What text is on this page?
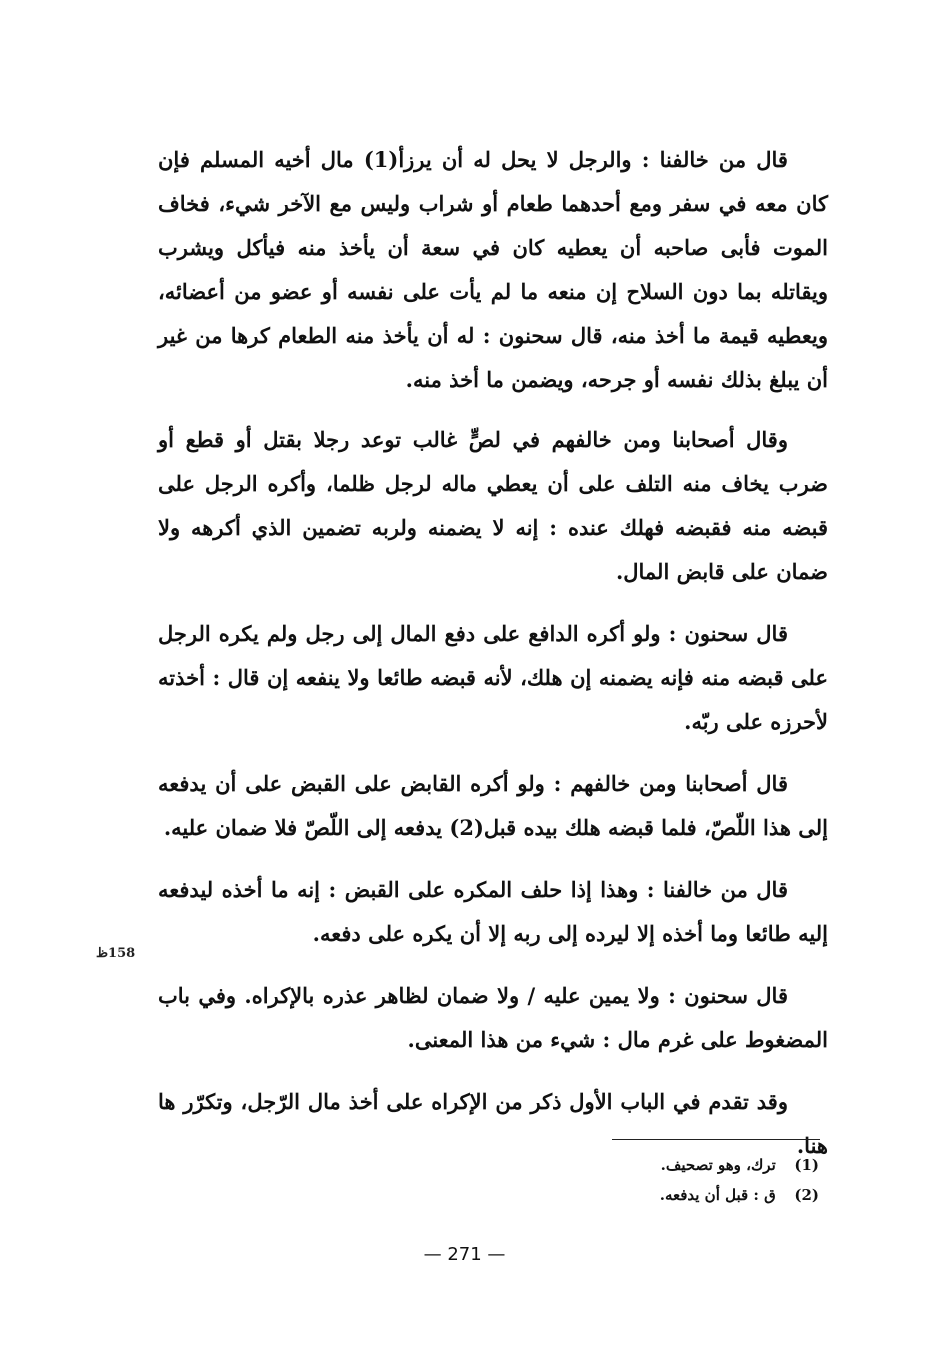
قال من خالفنا : والرجل لا يحل له أن يرزأ(1) مال أخيه المسلم فإن كان معه في سفر ومع أحدهما طعام أو شراب وليس مع الآخر شيء، فخاف الموت فأبى صاحبه أن يعطيه كان في سعة أن يأخذ منه فيأكل ويشرب ويقاتله بما دون السلاح إن منعه ما لم يأت على نفسه أو عضو من أعضائه، ويعطيه قيمة ما أخذ منه، قال سحنون : له أن يأخذ منه الطعام كرها من غير أن يبلغ بذلك نفسه أو جرحه، ويضمن ما أخذ منه.

وقال أصحابنا ومن خالفهم في لصٍّ غالب توعد رجلا بقتل أو قطع أو ضرب يخاف منه التلف على أن يعطي ماله لرجل ظلما، وأكره الرجل على قبضه منه فقبضه فهلك عنده : إنه لا يضمنه ولربه تضمين الذي أكرهه ولا ضمان على قابض المال.

قال سحنون : ولو أكره الدافع على دفع المال إلى رجل ولم يكره الرجل على قبضه منه فإنه يضمنه إن هلك، لأنه قبضه طائعا ولا ينفعه إن قال : أخذته لأحرزه على ربّه.

قال أصحابنا ومن خالفهم : ولو أكره القابض على القبض على أن يدفعه إلى هذا اللّصّ، فلما قبضه هلك بيده قبل(2) يدفعه إلى اللّصّ فلا ضمان عليه.

قال من خالفنا : وهذا إذا حلف المكره على القبض : إنه ما أخذه ليدفعه إليه طائعا وما أخذه إلا ليرده إلى ربه إلا أن يكره على دفعه.

قال سحنون : ولا يمين عليه / ولا ضمان لظاهر عذره بالإكراه. وفي باب المضغوط على غرم مال : شيء من هذا المعنى.

وقد تقدم في الباب الأول ذكر من الإكراه على أخذ مال الرّجل، وتكرّر ها هنا.

158ظ
(1) ترك، وهو تصحيف.
(2) ق : قبل أن يدفعه.
— 271 —
